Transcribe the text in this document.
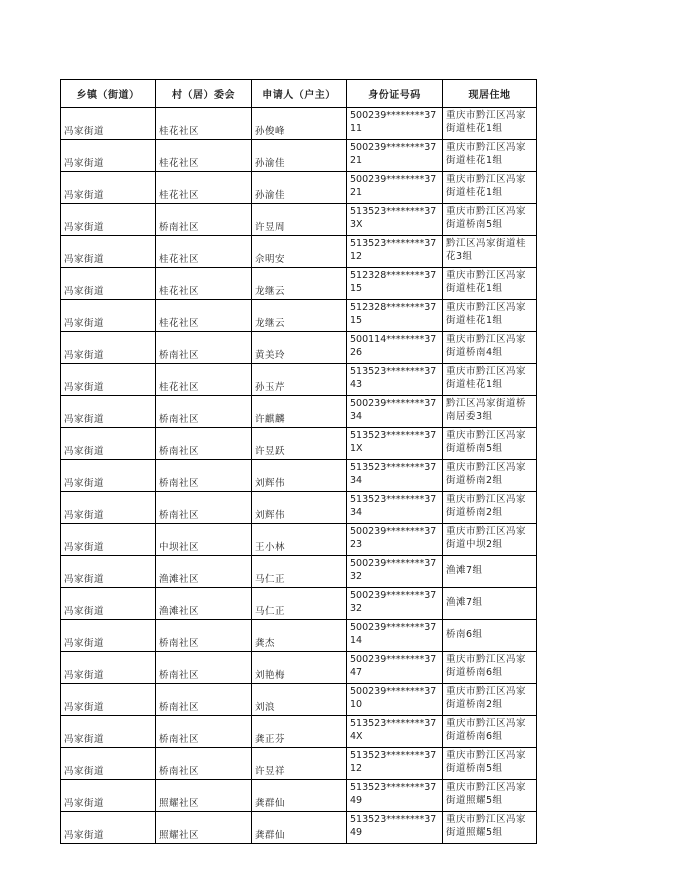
乡镇（街道）	村（居）委会	申请人（户主）	身份证号码	现居住地
冯家街道	桂花社区	孙俊峰	500239********3711	重庆市黔江区冯家街道桂花1组
冯家街道	桂花社区	孙渝佳	500239********3721	重庆市黔江区冯家街道桂花1组
冯家街道	桂花社区	孙渝佳	500239********3721	重庆市黔江区冯家街道桂花1组
冯家街道	桥南社区	许昱周	513523********373X	重庆市黔江区冯家街道桥南5组
冯家街道	桂花社区	佘明安	513523********3712	黔江区冯家街道桂花3组
冯家街道	桂花社区	龙继云	512328********3715	重庆市黔江区冯家街道桂花1组
冯家街道	桂花社区	龙继云	512328********3715	重庆市黔江区冯家街道桂花1组
冯家街道	桥南社区	黄美玲	500114********3726	重庆市黔江区冯家街道桥南4组
冯家街道	桂花社区	孙玉芹	513523********3743	重庆市黔江区冯家街道桂花1组
冯家街道	桥南社区	许麒麟	500239********3734	黔江区冯家街道桥南居委3组
冯家街道	桥南社区	许昱跃	513523********371X	重庆市黔江区冯家街道桥南5组
冯家街道	桥南社区	刘辉伟	513523********3734	重庆市黔江区冯家街道桥南2组
冯家街道	桥南社区	刘辉伟	513523********3734	重庆市黔江区冯家街道桥南2组
冯家街道	中坝社区	王小林	500239********3723	重庆市黔江区冯家街道中坝2组
冯家街道	渔滩社区	马仁正	500239********3732	渔滩7组
冯家街道	渔滩社区	马仁正	500239********3732	渔滩7组
冯家街道	桥南社区	龚杰	500239********3714	桥南6组
冯家街道	桥南社区	刘艳梅	500239********3747	重庆市黔江区冯家街道桥南6组
冯家街道	桥南社区	刘浪	500239********3710	重庆市黔江区冯家街道桥南2组
冯家街道	桥南社区	龚正芬	513523********374X	重庆市黔江区冯家街道桥南6组
冯家街道	桥南社区	许昱祥	513523********3712	重庆市黔江区冯家街道桥南5组
冯家街道	照耀社区	龚群仙	513523********3749	重庆市黔江区冯家街道照耀5组
冯家街道	照耀社区	龚群仙	513523********3749	重庆市黔江区冯家街道照耀5组
